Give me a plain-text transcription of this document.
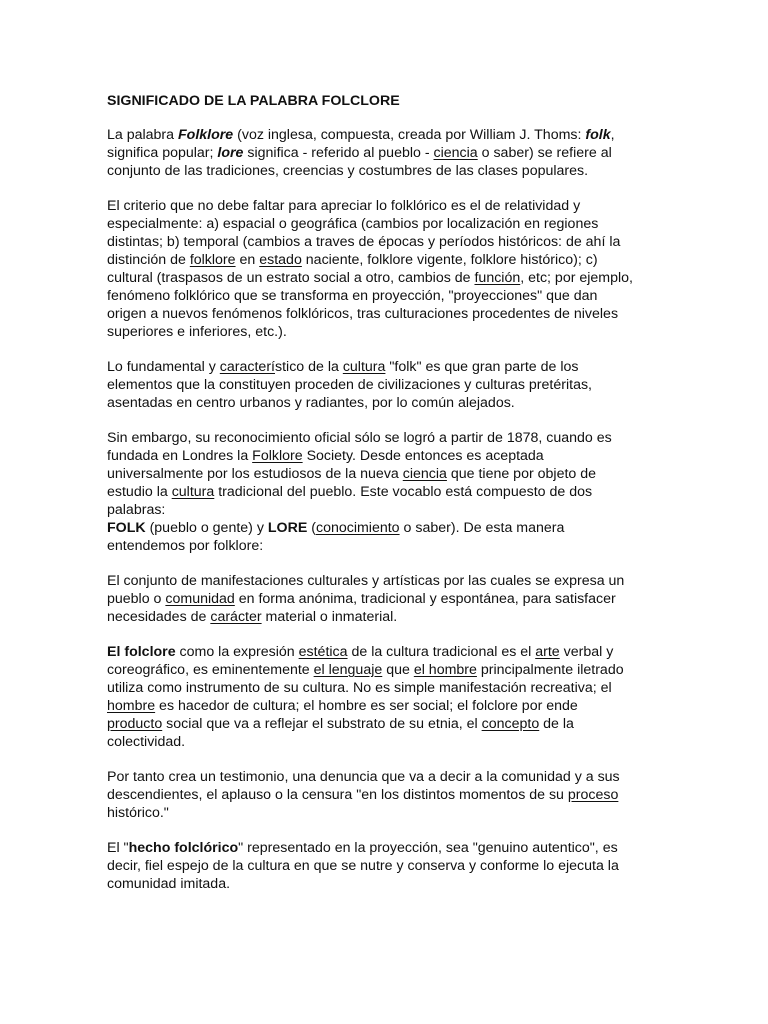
SIGNIFICADO DE LA PALABRA FOLCLORE

La palabra Folklore (voz inglesa, compuesta, creada por William J. Thoms: folk, significa popular; lore significa - referido al pueblo - ciencia o saber) se refiere al conjunto de las tradiciones, creencias y costumbres de las clases populares.

El criterio que no debe faltar para apreciar lo folklórico es el de relatividad y especialmente: a) espacial o geográfica (cambios por localización en regiones distintas; b) temporal (cambios a traves de épocas y períodos históricos: de ahí la distinción de folklore en estado naciente, folklore vigente, folklore histórico); c) cultural (traspasos de un estrato social a otro, cambios de función, etc; por ejemplo, fenómeno folklórico que se transforma en proyección, "proyecciones" que dan origen a nuevos fenómenos folklóricos, tras culturaciones procedentes de niveles superiores e inferiores, etc.).

Lo fundamental y característico de la cultura "folk" es que gran parte de los elementos que la constituyen proceden de civilizaciones y culturas pretéritas, asentadas en centro urbanos y radiantes, por lo común alejados.

Sin embargo, su reconocimiento oficial sólo se logró a partir de 1878, cuando es fundada en Londres la Folklore Society. Desde entonces es aceptada universalmente por los estudiosos de la nueva ciencia que tiene por objeto de estudio la cultura tradicional del pueblo. Este vocablo está compuesto de dos palabras:
FOLK (pueblo o gente) y LORE (conocimiento o saber). De esta manera entendemos por folklore:

El conjunto de manifestaciones culturales y artísticas por las cuales se expresa un pueblo o comunidad en forma anónima, tradicional y espontánea, para satisfacer necesidades de carácter material o inmaterial.

El folclore como la expresión estética de la cultura tradicional es el arte verbal y coreográfico, es eminentemente el lenguaje que el hombre principalmente iletrado utiliza como instrumento de su cultura. No es simple manifestación recreativa; el hombre es hacedor de cultura; el hombre es ser social; el folclore por ende producto social que va a reflejar el substrato de su etnia, el concepto de la colectividad.

Por tanto crea un testimonio, una denuncia que va a decir a la comunidad y a sus descendientes, el aplauso o la censura "en los distintos momentos de su proceso histórico."

El "hecho folclórico" representado en la proyección, sea "genuino autentico", es decir, fiel espejo de la cultura en que se nutre y conserva y conforme lo ejecuta la comunidad imitada.
